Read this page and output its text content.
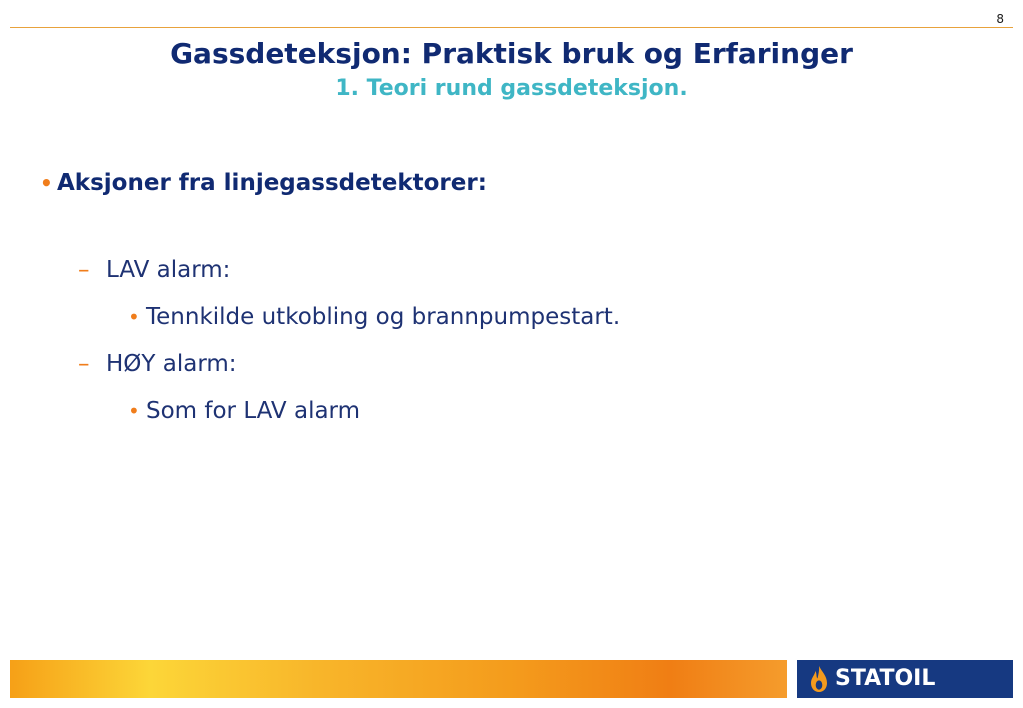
8
Gassdeteksjon: Praktisk bruk og Erfaringer
1. Teori rund gassdeteksjon.
• Aksjoner fra linjegassdetektorer:
– LAV alarm:
• Tennkilde utkobling og brannpumpestart.
– HØY alarm:
• Som for LAV alarm
STATOIL
